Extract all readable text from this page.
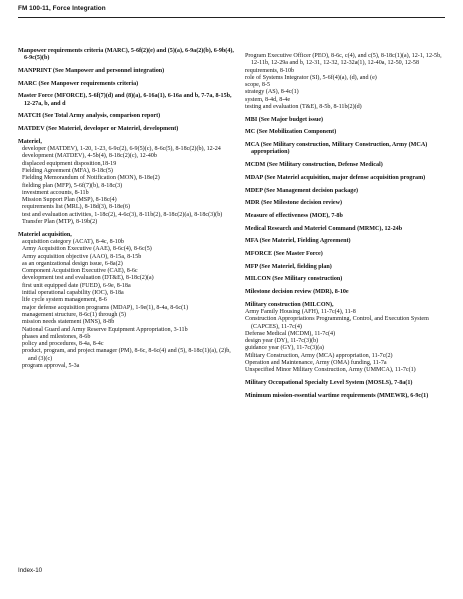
FM 100-11, Force Integration
Manpower requirements criteria (MARC), 5-6f(2)(e) and (5)(a), 6-9a(2)(b), 6-9b(4), 6-9c(5)(b)
MANPRINT (See Manpower and personnel integration)
MARC (See Manpower requirements criteria)
Master Force (MFORCE), 5-6f(7)(d) and (8)(a), 6-16a(1), 6-16a and b, 7-7a, 8-15b, 12-27a, b, and d
MATCH (See Total Army analysis, comparison report)
MATDEV (See Materiel, developer or Materiel, development)
Materiel,
developer (MATDEV), 1-20, 1-23, 6-9c(2), 6-9(5)(c), 8-6c(5), 8-18c(2)(b), 12-24
development (MATDEV), 4-5b(4), 8-18c(2)(c), 12-40b
displaced equipment disposition,18-19
Fielding Agreement (MFA), 8-18c(5)
Fielding Memorandum of Notification (MON), 8-18e(2)
fielding plan (MFP), 5-6f(7)(b), 8-18c(3)
investment accounts, 8-11b
Mission Support Plan (MSP), 8-18c(4)
requirements list (MRL), 8-18d(3), 8-18e(6)
test and evaluation activities, 1-18c(2), 4-6c(3), 8-11b(2), 8-18c(2)(a), 8-18c(3)(b)
Transfer Plan (MTP), 8-19b(2)
Materiel acquisition,
acquisition category (ACAT), 8-4c, 8-10b
Army Acquisition Executive (AAE), 8-6c(4), 8-6c(5)
Army acquisition objective (AAO), 8-15a, 8-15b
as an organizational design issue, 6-8a(2)
Component Acquisition Executive (CAE), 8-6c
development test and evaluation (DT&E), 8-18c(2)(a)
first unit equipped date (FUED), 6-9e, 8-18a
initial operational capability (IOC), 8-18a
life cycle system management, 8-6
major defense acquisition programs (MDAP), 1-9e(1), 8-4a, 8-6c(1)
management structure, 8-6c(1) through (5)
mission needs statement (MNS), 8-8b
National Guard and Army Reserve Equipment Appropriation, 3-11b
phases and milestones, 8-6b
policy and procedures, 8-4a, 8-4c
product, program, and project manager (PM), 8-6c, 8-6c(4) and (5), 8-18c(1)(a), (2)b, and (3)(c)
program approval, 5-3a
Program Executive Officer (PEO), 8-6c, c(4), and c(5), 8-18c(1)(a), 12-1, 12-5b, 12-11b, 12-29a and b, 12-31, 12-32, 12-32a(1), 12-40a, 12-50, 12-58
requirements, 8-10b
role of Systems Integrator (SI), 5-6f(4)(a), (d), and (e)
scope, 8-5
strategy (AS), 8-4c(1)
system, 8-4d, 8-4e
testing and evaluation (T&E), 8-5b, 8-11b(2)(d)
MBI (See Major budget issue)
MC (See Mobilization Component)
MCA (See Military construction, Military Construction, Army (MCA) appropriation)
MCDM (See Military construction, Defense Medical)
MDAP (See Materiel acquisition, major defense acquisition program)
MDEP (See Management decision package)
MDR (See Milestone decision review)
Measure of effectiveness (MOE), 7-8b
Medical Research and Materiel Command (MRMC), 12-24b
MFA (See Materiel, Fielding Agreement)
MFORCE (See Master Force)
MFP (See Materiel, fielding plan)
MILCON (See Military construction)
Milestone decision review (MDR), 8-10e
Military construction (MILCON),
Army Family Housing (AFH), 11-7c(4), 11-8
Construction Appropriations Programming, Control, and Execution System (CAPCES), 11-7c(4)
Defense Medical (MCDM), 11-7c(4)
design year (DY), 11-7c(3)(b)
guidance year (GY), 11-7c(3)(a)
Military Construction, Army (MCA) appropriation, 11-7c(2)
Operation and Maintenance, Army (OMA) funding, 11-7a
Unspecified Minor Military Construction, Army (UMMCA), 11-7c(1)
Military Occupational Specialty Level System (MOSLS), 7-8a(1)
Minimum mission-essential wartime requirements (MMEWR), 6-9c(1)
Index-10
